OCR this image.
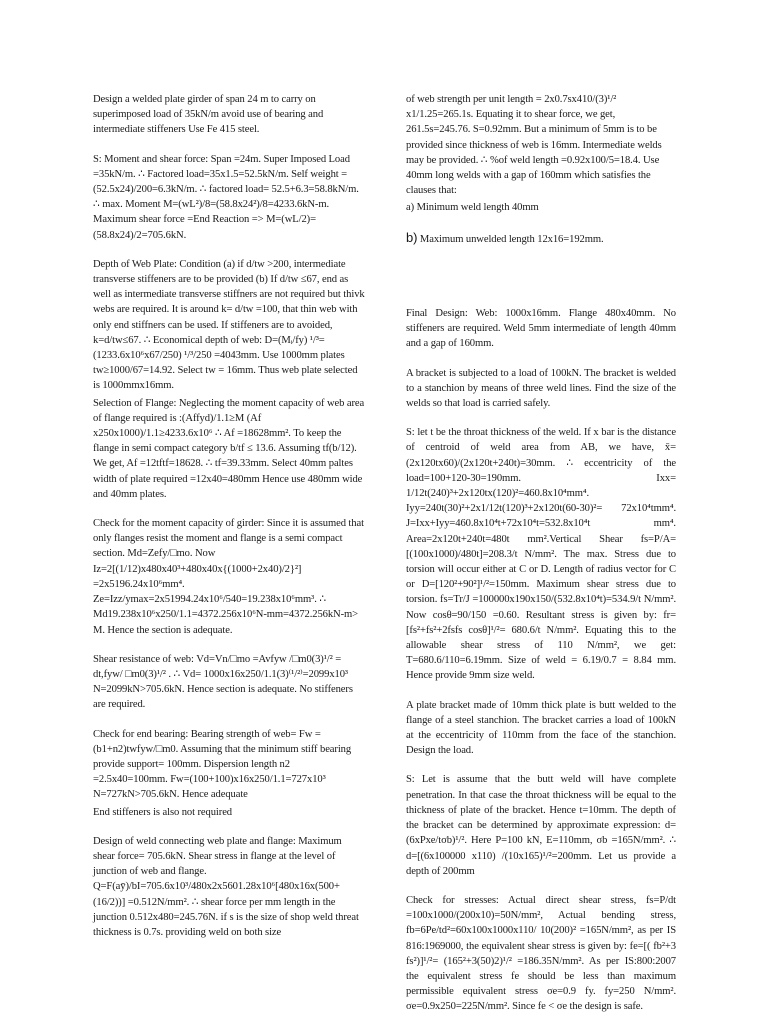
Design a welded plate girder of span 24 m to carry on superimposed load of 35kN/m avoid use of bearing and intermediate stiffeners Use Fe 415 steel.

S: Moment and shear force: Span =24m. Super Imposed Load =35kN/m. ∴ Factored load=35x1.5=52.5kN/m. Self weight = (52.5x24)/200=6.3kN/m. ∴ factored load= 52.5+6.3=58.8kN/m. ∴ max. Moment M=(wL²)/8=(58.8x24²)/8=4233.6kN-m. Maximum shear force =End Reaction => M=(wL/2)=(58.8x24)/2=705.6kN.

Depth of Web Plate: Condition (a) if d/tw >200, intermediate transverse stiffeners are to be provided (b) If d/tw ≤67, end as well as intermediate transverse stiffners are not required but thivk webs are required. It is around k= d/tw =100, that thin web with only end stiffners can be used. If stiffeners are to avoided, k=d/tw≤67. ∴ Economical depth of web: D=(Mᵢ/fy) ¹/³=(1233.6x10⁶x67/250) ¹/³/250 =4043mm. Use 1000mm plates tw≥1000/67=14.92. Select tw = 16mm. Thus web plate selected is 1000mmx16mm.

Selection of Flange: Neglecting the moment capacity of web area of flange required is :(Affyd)/1.1≥M (Af x250x1000)/1.1≥4233.6x10⁶ ∴ Af =18628mm². To keep the flange in semi compact category b/tf ≤ 13.6. Assuming tf(b/12). We get, Af =12tftf=18628. ∴ tf=39.33mm. Select 40mm paltes width of plate required =12x40=480mm Hence use 480mm wide and 40mm plates.

Check for the moment capacity of girder: Since it is assumed that only flanges resist the moment and flange is a semi compact section. Md=Zefy/□mo. Now Iz=2[(1/12)x480x40³+480x40x{(1000+2x40)/2}²] =2x5196.24x10⁶mm⁴. Ze=Izz/ymax=2x51994.24x10⁶/540=19.238x10⁶mm³. ∴ Md19.238x10⁶x250/1.1=4372.256x10⁶N-mm=4372.256kN-m> M. Hence the section is adequate.

Shear resistance of web: Vd=Vn/□mo =Avfyw /□m0(3)¹/² = dt,fyw/ □m0(3)¹/² . ∴ Vd= 1000x16x250/1.1(3)⁽¹/²⁾=2099x10³ N=2099kN>705.6kN. Hence section is adequate. No stiffeners are required.

Check for end bearing: Bearing strength of web= Fw = (b1+n2)twfyw/□m0. Assuming that the minimum stiff bearing provide support= 100mm. Dispersion length n2 =2.5x40=100mm. Fw=(100+100)x16x250/1.1=727x10³ N=727kN>705.6kN. Hence adequate

End stiffeners is also not required

Design of weld connecting web plate and flange: Maximum shear force= 705.6kN. Shear stress in flange at the level of junction of web and flange. Q=F(aȳ)/bI=705.6x10³/480x2x5601.28x10⁶[480x16x(500+(16/2))] =0.512N/mm². ∴ shear force per mm length in the junction 0.512x480=245.76N. if s is the size of shop weld threat thickness is 0.7s. providing weld on both size

of web strength per unit length = 2x0.7sx410/(3)¹/² x1/1.25=265.1s. Equating it to shear force, we get, 261.5s=245.76. S=0.92mm. But a minimum of 5mm is to be provided since thickness of web is 16mm. Intermediate welds may be provided. ∴ %of weld length =0.92x100/5=18.4. Use 40mm long welds with a gap of 160mm which satisfies the clauses that:

a) Minimum weld length 40mm

b) Maximum unwelded length 12x16=192mm.

Final Design: Web: 1000x16mm. Flange 480x40mm. No stiffeners are required. Weld 5mm intermediate of length 40mm and a gap of 160mm.

A bracket is subjected to a load of 100kN. The bracket is welded to a stanchion by means of three weld lines. Find the size of the welds so that load is carried safely.

S: let t be the throat thickness of the weld. If x bar is the distance of centroid of weld area from AB, we have, x̄=(2x120tx60)/(2x120t+240t)=30mm. ∴ eccentricity of the load=100+120-30=190mm. Ixx= 1/12t(240)³+2x120tx(120)²=460.8x10⁴mm⁴. Iyy=240t(30)²+2x1/12t(120)³+2x120t(60-30)²= 72x10⁴tmm⁴. J=Ixx+Iyy=460.8x10⁴t+72x10⁴t=532.8x10⁴t mm⁴. Area=2x120t+240t=480t mm².Vertical Shear fs=P/A=[(100x1000)/480t]=208.3/t N/mm². The max. Stress due to torsion will occur either at C or D. Length of radius vector for C or D=[120²+90²]¹/²=150mm. Maximum shear stress due to torsion. fs=Tr/J =100000x190x150/(532.8x10⁴t)=534.9/t N/mm². Now cosθ=90/150 =0.60. Resultant stress is given by: fr=[fs²+fs²+2fsfs cosθ]¹/²= 680.6/t N/mm². Equating this to the allowable shear stress of 110 N/mm², we get: T=680.6/110=6.19mm. Size of weld = 6.19/0.7 = 8.84 mm. Hence provide 9mm size weld.

A plate bracket made of 10mm thick plate is butt welded to the flange of a steel stanchion. The bracket carries a load of 100kN at the eccentricity of 110mm from the face of the stanchion. Design the load.

S: Let is assume that the butt weld will have complete penetration. In that case the throat thickness will be equal to the thickness of plate of the bracket. Hence t=10mm. The depth of the bracket can be determined by approximate expression: d= (6xPxe/tσb)¹/². Here P=100 kN, E=110mm, σb =165N/mm². ∴ d=[(6x100000 x110) /(10x165)¹/²=200mm. Let us provide a depth of 200mm

Check for stresses: Actual direct shear stress, fs=P/dt =100x1000/(200x10)=50N/mm², Actual bending stress, fb=6Pe/td²=60x100x1000x110/ 10(200)² =165N/mm², as per IS 816:1969000, the equivalent shear stress is given by: fe=[( fb²+3 fs²)]¹/²= (165²+3(50)2)¹/² =186.35N/mm². As per IS:800:2007 the equivalent stress fe should be less than maximum permissible equivalent stress σe=0.9 fy. fy=250 N/mm². σe=0.9x250=225N/mm². Since fe < σe the design is safe.
